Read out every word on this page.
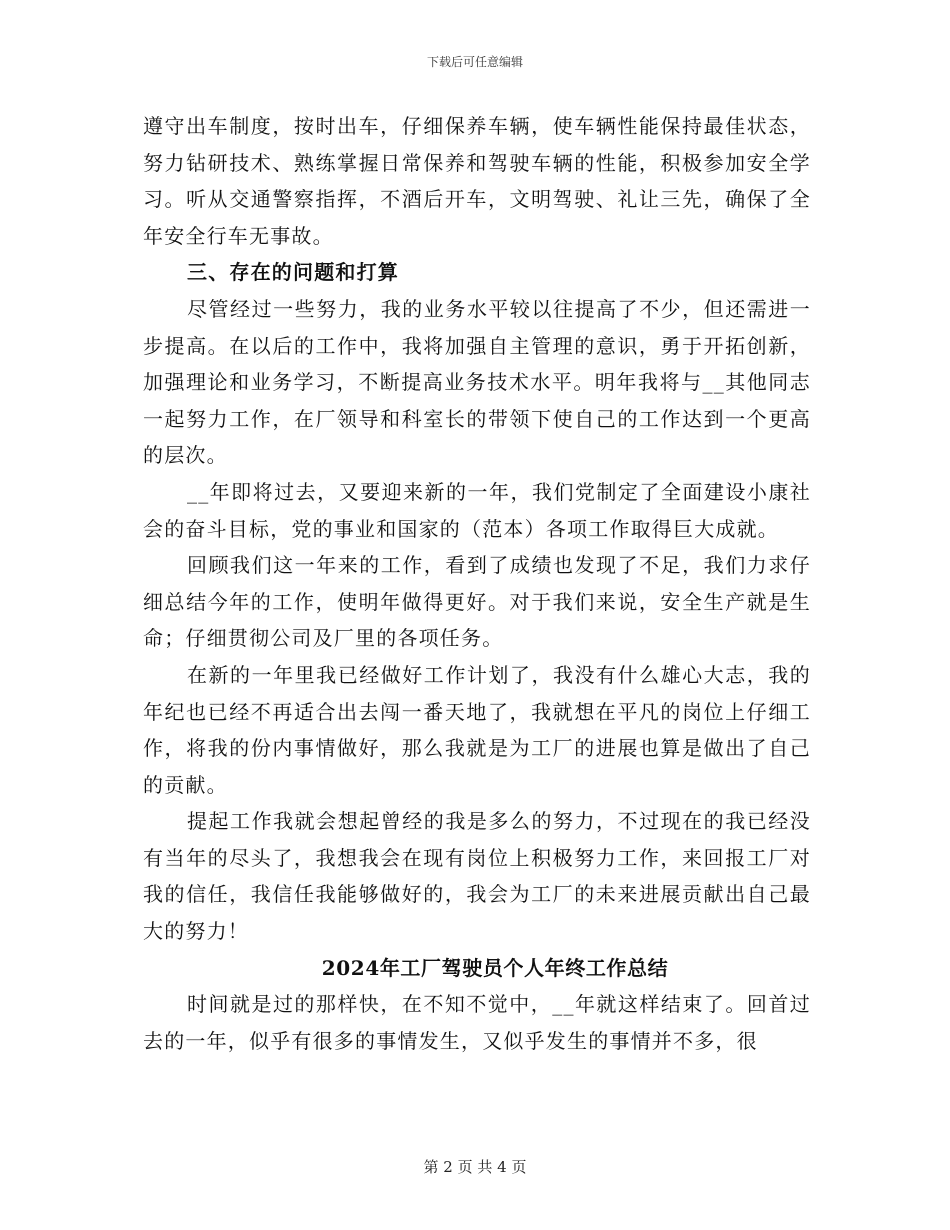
下载后可任意编辑

遵守出车制度，按时出车，仔细保养车辆，使车辆性能保持最佳状态，努力钻研技术、熟练掌握日常保养和驾驶车辆的性能，积极参加安全学习。听从交通警察指挥，不酒后开车，文明驾驶、礼让三先，确保了全年安全行车无事故。

三、存在的问题和打算

尽管经过一些努力，我的业务水平较以往提高了不少，但还需进一步提高。在以后的工作中，我将加强自主管理的意识，勇于开拓创新，加强理论和业务学习，不断提高业务技术水平。明年我将与__其他同志一起努力工作，在厂领导和科室长的带领下使自己的工作达到一个更高的层次。

__年即将过去，又要迎来新的一年，我们党制定了全面建设小康社会的奋斗目标，党的事业和国家的（范本）各项工作取得巨大成就。

回顾我们这一年来的工作，看到了成绩也发现了不足，我们力求仔细总结今年的工作，使明年做得更好。对于我们来说，安全生产就是生命；仔细贯彻公司及厂里的各项任务。

在新的一年里我已经做好工作计划了，我没有什么雄心大志，我的年纪也已经不再适合出去闯一番天地了，我就想在平凡的岗位上仔细工作，将我的份内事情做好，那么我就是为工厂的进展也算是做出了自己的贡献。

提起工作我就会想起曾经的我是多么的努力，不过现在的我已经没有当年的尽头了，我想我会在现有岗位上积极努力工作，来回报工厂对我的信任，我信任我能够做好的，我会为工厂的未来进展贡献出自己最大的努力！

2024年工厂驾驶员个人年终工作总结

时间就是过的那样快，在不知不觉中，__年就这样结束了。回首过去的一年，似乎有很多的事情发生，又似乎发生的事情并不多，很

第 2 页 共 4 页
